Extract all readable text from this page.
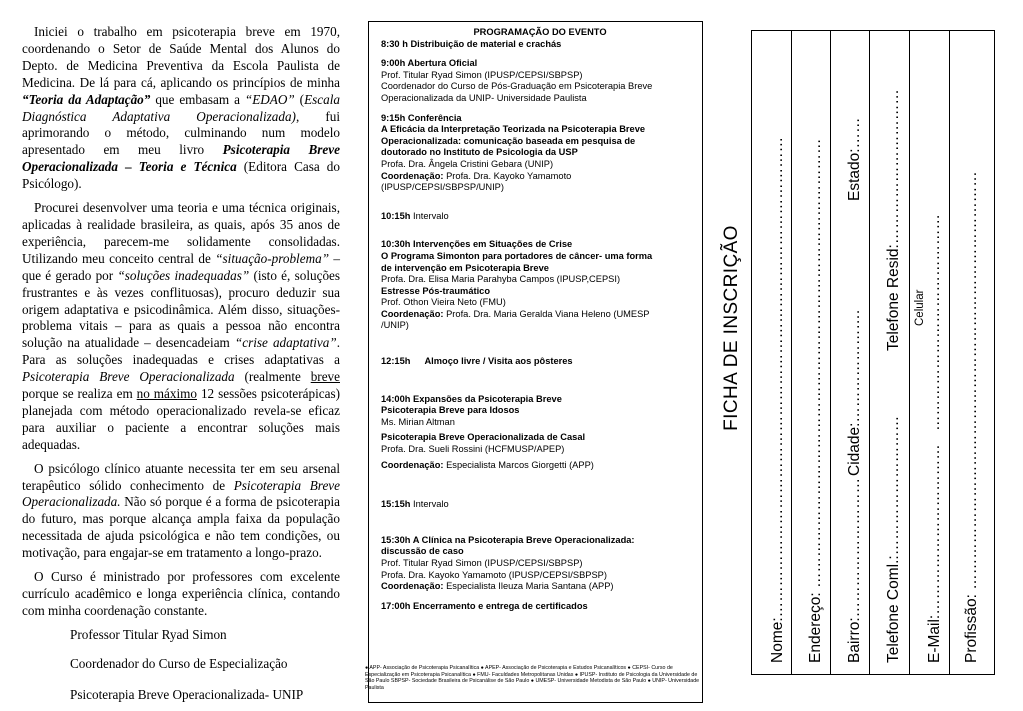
Iniciei o trabalho em psicoterapia breve em 1970, coordenando o Setor de Saúde Mental dos Alunos do Depto. de Medicina Preventiva da Escola Paulista de Medicina. De lá para cá, aplicando os princípios de minha “Teoria da Adaptação” que embasam a “EDAO” (Escala Diagnóstica Adaptativa Operacionalizada), fui aprimorando o método, culminando num modelo apresentado em meu livro Psicoterapia Breve Operacionalizada – Teoria e Técnica (Editora Casa do Psicólogo).

Procurei desenvolver uma teoria e uma técnica originais, aplicadas à realidade brasileira, as quais, após 35 anos de experiência, parecem-me solidamente consolidadas. Utilizando meu conceito central de “situação-problema” – que é gerado por “soluções inadequadas” (isto é, soluções frustrantes e às vezes conflituosas), procuro deduzir sua origem adaptativa e psicodinâmica. Além disso, situações-problema vitais – para as quais a pessoa não encontra solução na atualidade – desencadeiam “crise adaptativa”. Para as soluções inadequadas e crises adaptativas a Psicoterapia Breve Operacionalizada (realmente breve porque se realiza em no máximo 12 sessões psicoterápicas) planejada com método operacionalizado revela-se eficaz para auxiliar o paciente a encontrar soluções mais adequadas.

O psicólogo clínico atuante necessita ter em seu arsenal terapêutico sólido conhecimento de Psicoterapia Breve Operacionalizada. Não só porque é a forma de psicoterapia do futuro, mas porque alcança ampla faixa da população necessitada de ajuda psicológica e não tem condições, ou motivação, para engajar-se em tratamento a longo-prazo.

O Curso é ministrado por professores com excelente currículo acadêmico e longa experiência clínica, contando com minha coordenação constante.

Professor Titular Ryad Simon

Coordenador do Curso de Especialização

Psicoterapia Breve Operacionalizada- UNIP

PROGRAMAÇÃO DO EVENTO
8:30 h Distribuição de material e crachás
9:00h Abertura Oficial
Prof. Titular Ryad Simon (IPUSP/CEPSI/SBPSP)
Coordenador do Curso de Pós-Graduação em Psicoterapia Breve
Operacionalizada da UNIP- Universidade Paulista
9:15h Conferência
A Eficácia da Interpretação Teorizada na Psicoterapia Breve
Operacionalizada: comunicação baseada em pesquisa de
doutorado no Instituto de Psicologia da USP
Profa. Dra. Ângela Cristini Gebara (UNIP)
Coordenação: Profa. Dra. Kayoko Yamamoto
(IPUSP/CEPSI/SBPSP/UNIP)
10:15h Intervalo
10:30h Intervenções em Situações de Crise
O Programa Simonton para portadores de câncer- uma forma
de intervenção em Psicoterapia Breve
Profa. Dra. Elisa Maria Parahyba Campos (IPUSP,CEPSI)
Estresse Pós-traumático
Prof. Othon Vieira Neto (FMU)
Coordenação: Profa. Dra. Maria Geralda Viana Heleno (UMESP
/UNIP)
12:15h Almoço livre / Visita aos pôsteres
14:00h Expansões da Psicoterapia Breve
Psicoterapia Breve para Idosos
Ms. Mirian Altman
Psicoterapia Breve Operacionalizada de Casal
Profa. Dra. Sueli Rossini (HCFMUSP/APEP)
Coordenação: Especialista Marcos Giorgetti (APP)
15:15h Intervalo
15:30h A Clínica na Psicoterapia Breve Operacionalizada:
discussão de caso
Prof. Titular Ryad Simon (IPUSP/CEPSI/SBPSP)
Profa. Dra. Kayoko Yamamoto (IPUSP/CEPSI/SBPSP)
Coordenação: Especialista Ileuza Maria Santana (APP)
17:00h Encerramento e entrega de certificados
● APP- Associação de Psicoterapia Psicanalítica ● APEP- Associação de Psicoterapia e Estudos Psicanalíticos ● CEPSI- Curso de Especialização em Psicoterapia Psicanalítica ● FMU- Faculdades Metropolitanas Unidas ● IPUSP- Instituto de Psicologia da Universidade de São Paulo SBPSP- Sociedade Brasileira de Psicanálise de São Paulo ● UMESP- Universidade Metodista de São Paulo ● UNIP- Universidade Paulista
FICHA DE INSCRIÇÃO Nome:………………………………………………………………………………… Endereço: …………………………………………………………………………… Bairro:………………………
Cidade:………………….
Estado:……
Telefone Coml.:………………………
Telefone Resid:…………………………
E-Mail:……………………………
Celular …………………………………… Profissão: ………………………………………………………………………
